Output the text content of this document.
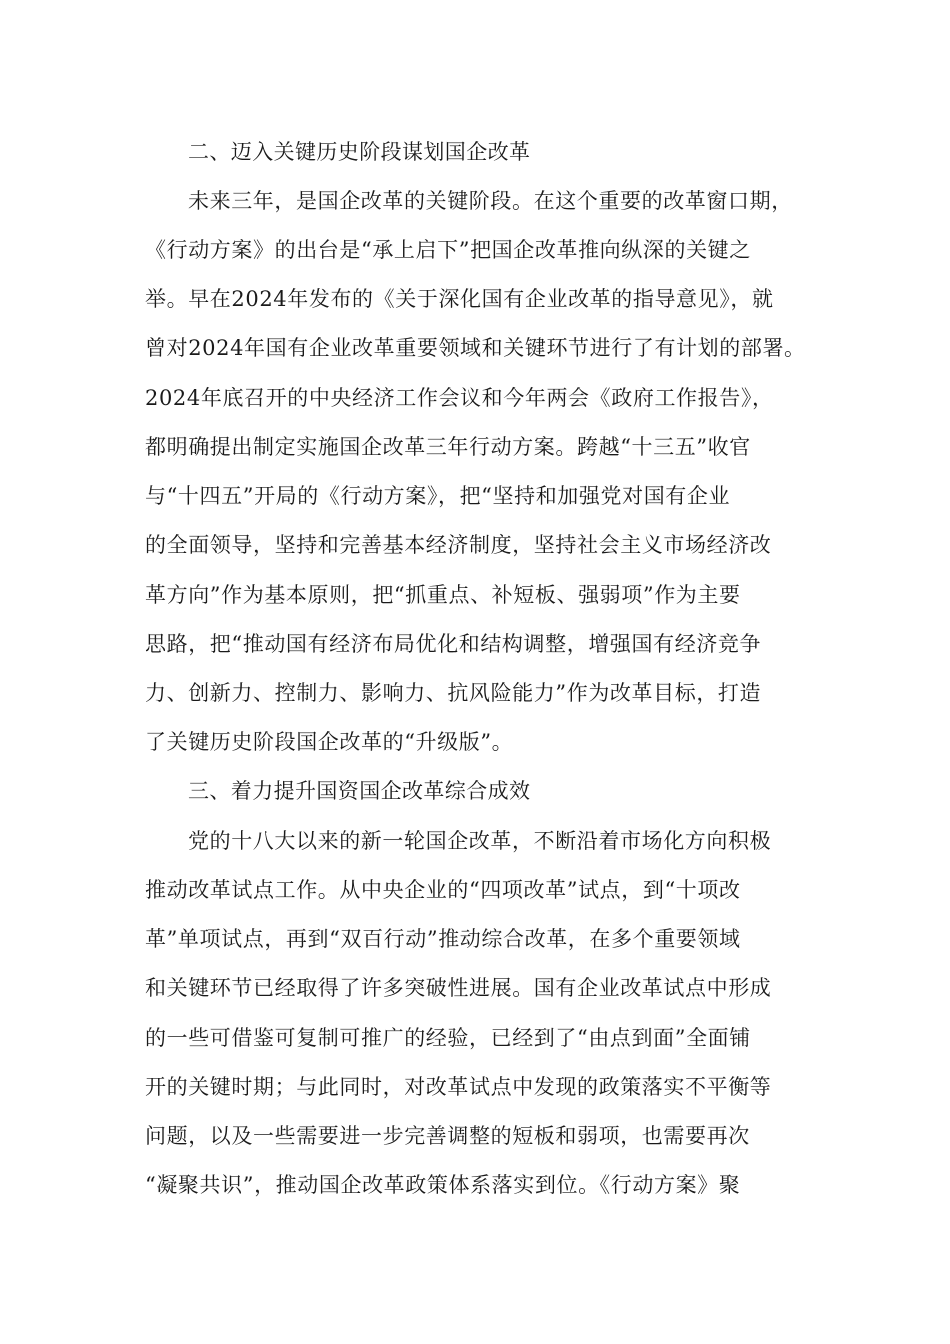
二、迈入关键历史阶段谋划国企改革
未来三年，是国企改革的关键阶段。在这个重要的改革窗口期，
《行动方案》的出台是“承上启下”把国企改革推向纵深的关键之
举。早在2024年发布的《关于深化国有企业改革的指导意见》，就
曾对2024年国有企业改革重要领域和关键环节进行了有计划的部署。
2024年底召开的中央经济工作会议和今年两会《政府工作报告》，
都明确提出制定实施国企改革三年行动方案。跨越“十三五”收官
与“十四五”开局的《行动方案》，把“坚持和加强党对国有企业
的全面领导，坚持和完善基本经济制度，坚持社会主义市场经济改
革方向”作为基本原则，把“抓重点、补短板、强弱项”作为主要
思路，把“推动国有经济布局优化和结构调整，增强国有经济竞争
力、创新力、控制力、影响力、抗风险能力”作为改革目标，打造
了关键历史阶段国企改革的“升级版”。
三、着力提升国资国企改革综合成效
党的十八大以来的新一轮国企改革，不断沿着市场化方向积极
推动改革试点工作。从中央企业的“四项改革”试点，到“十项改
革”单项试点，再到“双百行动”推动综合改革，在多个重要领域
和关键环节已经取得了许多突破性进展。国有企业改革试点中形成
的一些可借鉴可复制可推广的经验，已经到了“由点到面”全面铺
开的关键时期；与此同时，对改革试点中发现的政策落实不平衡等
问题，以及一些需要进一步完善调整的短板和弱项，也需要再次
“凝聚共识”，推动国企改革政策体系落实到位。《行动方案》聚
